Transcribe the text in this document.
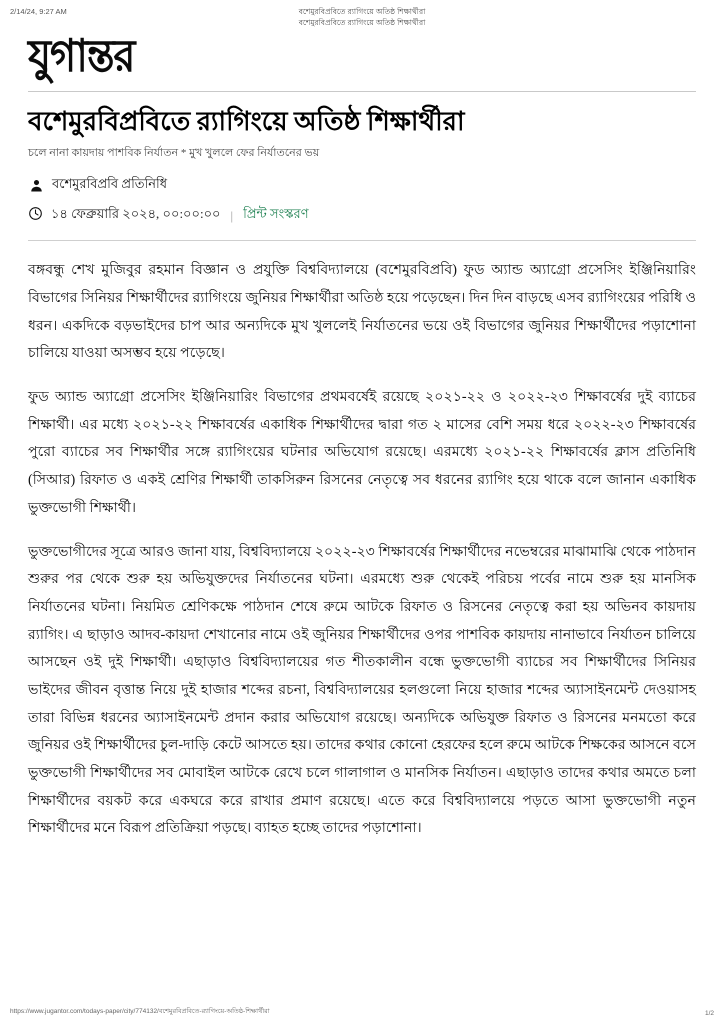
2/14/24, 9:27 AM	বশেমুরবিপ্রবিতে র‌্যাগিংয়ে অতিষ্ঠ শিক্ষার্থীরা
বশেমুরবিপ্রবিতে র‌্যাগিংয়ে অতিষ্ঠ শিক্ষার্থীরা
যুগান্তর
বশেমুরবিপ্রবিতে র‌্যাগিংয়ে অতিষ্ঠ শিক্ষার্থীরা

চলে নানা কায়দায় পাশবিক নির্যাতন * মুখ খুললে ফের নির্যাতনের ভয়

বশেমুরবিপ্রবি প্রতিনিধি
১৪ ফেব্রুয়ারি ২০২৪, ০০:০০:০০ | প্রিন্ট সংস্করণ

বঙ্গবন্ধু শেখ মুজিবুর রহমান বিজ্ঞান ও প্রযুক্তি বিশ্ববিদ্যালয়ে (বশেমুরবিপ্রবি) ফুড অ্যান্ড অ্যাগ্রো প্রসেসিং ইঞ্জিনিয়ারিং বিভাগের সিনিয়র শিক্ষার্থীদের র‌্যাগিংয়ে জুনিয়র শিক্ষার্থীরা অতিষ্ঠ হয়ে পড়েছেন। দিন দিন বাড়ছে এসব র‌্যাগিংয়ের পরিধি ও ধরন। একদিকে বড়ভাইদের চাপ আর অন্যদিকে মুখ খুললেই নির্যাতনের ভয়ে ওই বিভাগের জুনিয়র শিক্ষার্থীদের পড়াশোনা চালিয়ে যাওয়া অসম্ভব হয়ে পড়েছে।

ফুড অ্যান্ড অ্যাগ্রো প্রসেসিং ইঞ্জিনিয়ারিং বিভাগের প্রথমবর্ষেই রয়েছে ২০২১-২২ ও ২০২২-২৩ শিক্ষাবর্ষের দুই ব্যাচের শিক্ষার্থী। এর মধ্যে ২০২১-২২ শিক্ষাবর্ষের একাধিক শিক্ষার্থীদের দ্বারা গত ২ মাসের বেশি সময় ধরে ২০২২-২৩ শিক্ষাবর্ষের পুরো ব্যাচের সব শিক্ষার্থীর সঙ্গে র‌্যাগিংয়ের ঘটনার অভিযোগ রয়েছে। এরমধ্যে ২০২১-২২ শিক্ষাবর্ষের ক্লাস প্রতিনিধি (সিআর) রিফাত ও একই শ্রেণির শিক্ষার্থী তাকসিরুন রিসনের নেতৃত্বে সব ধরনের র‌্যাগিং হয়ে থাকে বলে জানান একাধিক ভুক্তভোগী শিক্ষার্থী।

ভুক্তভোগীদের সূত্রে আরও জানা যায়, বিশ্ববিদ্যালয়ে ২০২২-২৩ শিক্ষাবর্ষের শিক্ষার্থীদের নভেম্বরের মাঝামাঝি থেকে পাঠদান শুরুর পর থেকে শুরু হয় অভিযুক্তদের নির্যাতনের ঘটনা। এরমধ্যে শুরু থেকেই পরিচয় পর্বের নামে শুরু হয় মানসিক নির্যাতনের ঘটনা। নিয়মিত শ্রেণিকক্ষে পাঠদান শেষে রুমে আটকে রিফাত ও রিসনের নেতৃত্বে করা হয় অভিনব কায়দায় র‌্যাগিং। এ ছাড়াও আদব-কায়দা শেখানোর নামে ওই জুনিয়র শিক্ষার্থীদের ওপর পাশবিক কায়দায় নানাভাবে নির্যাতন চালিয়ে আসছেন ওই দুই শিক্ষার্থী। এছাড়াও বিশ্ববিদ্যালয়ের গত শীতকালীন বন্ধে ভুক্তভোগী ব্যাচের সব শিক্ষার্থীদের সিনিয়র ভাইদের জীবন বৃত্তান্ত নিয়ে দুই হাজার শব্দের রচনা, বিশ্ববিদ্যালয়ের হলগুলো নিয়ে হাজার শব্দের অ্যাসাইনমেন্ট দেওয়াসহ তারা বিভিন্ন ধরনের অ্যাসাইনমেন্ট প্রদান করার অভিযোগ রয়েছে। অন্যদিকে অভিযুক্ত রিফাত ও রিসনের মনমতো করে জুনিয়র ওই শিক্ষার্থীদের চুল-দাড়ি কেটে আসতে হয়। তাদের কথার কোনো হেরফের হলে রুমে আটকে শিক্ষকের আসনে বসে ভুক্তভোগী শিক্ষার্থীদের সব মোবাইল আটকে রেখে চলে গালাগাল ও মানসিক নির্যাতন। এছাড়াও তাদের কথার অমতে চলা শিক্ষার্থীদের বয়কট করে একঘরে করে রাখার প্রমাণ রয়েছে। এতে করে বিশ্ববিদ্যালয়ে পড়তে আসা ভুক্তভোগী নতুন শিক্ষার্থীদের মনে বিরূপ প্রতিক্রিয়া পড়ছে। ব্যাহত হচ্ছে তাদের পড়াশোনা।

https://www.jugantor.com/todays-paper/city/774132/বশেমুরবিপ্রবিতে-র‌্যাগিংয়ে-অতিষ্ঠ-শিক্ষার্থীরা	1/2
